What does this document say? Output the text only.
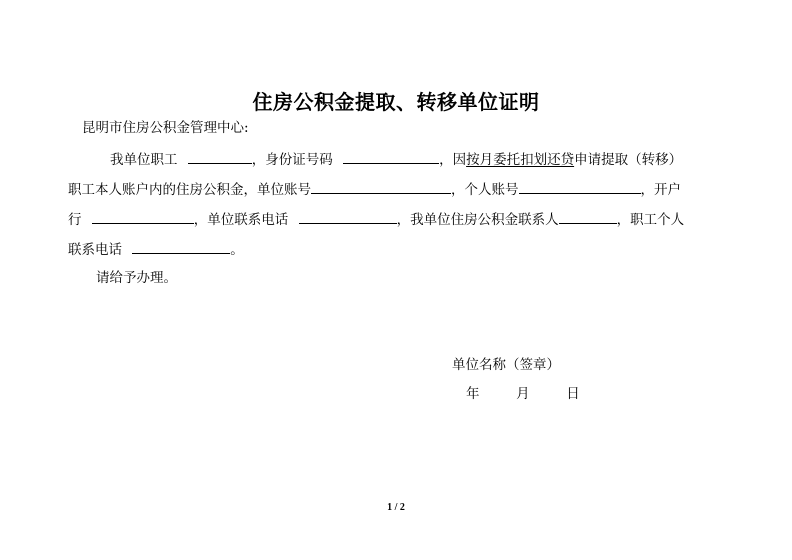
住房公积金提取、转移单位证明
昆明市住房公积金管理中心:
我单位职工	，身份证号码	，因按月委托扣划还贷申请提取（转移）
职工本人账户内的住房公积金，单位账号	，个人账号	，开户
行	，单位联系电话	，我单位住房公积金联系人	，职工个人
联系电话	。
请给予办理。
单位名称（签章）
年	月	日
1 / 2
